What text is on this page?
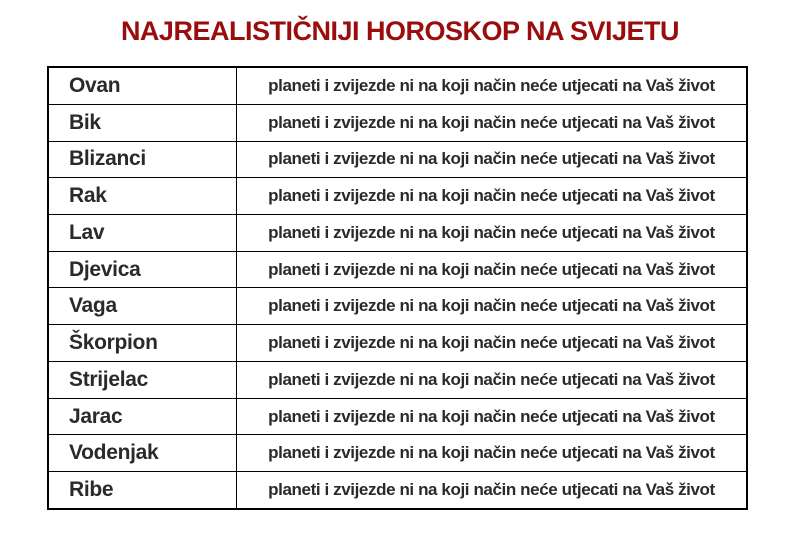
NAJREALISTIČNIJI HOROSKOP NA SVIJETU
Ovan	planeti i zvijezde ni na koji način neće utjecati na Vaš život
Bik	planeti i zvijezde ni na koji način neće utjecati na Vaš život
Blizanci	planeti i zvijezde ni na koji način neće utjecati na Vaš život
Rak	planeti i zvijezde ni na koji način neće utjecati na Vaš život
Lav	planeti i zvijezde ni na koji način neće utjecati na Vaš život
Djevica	planeti i zvijezde ni na koji način neće utjecati na Vaš život
Vaga	planeti i zvijezde ni na koji način neće utjecati na Vaš život
Škorpion	planeti i zvijezde ni na koji način neće utjecati na Vaš život
Strijelac	planeti i zvijezde ni na koji način neće utjecati na Vaš život
Jarac	planeti i zvijezde ni na koji način neće utjecati na Vaš život
Vodenjak	planeti i zvijezde ni na koji način neće utjecati na Vaš život
Ribe	planeti i zvijezde ni na koji način neće utjecati na Vaš život
